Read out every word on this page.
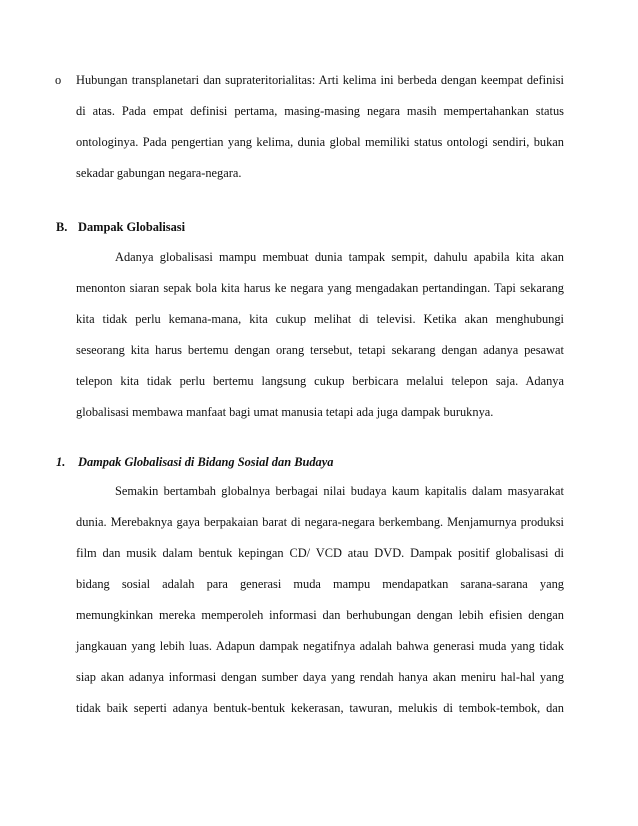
o Hubungan transplanetari dan suprateritorialitas: Arti kelima ini berbeda dengan keempat definisi
di atas. Pada empat definisi pertama, masing-masing negara masih mempertahankan status
ontologinya. Pada pengertian yang kelima, dunia global memiliki status ontologi sendiri, bukan
sekadar gabungan negara-negara.
B. Dampak Globalisasi
Adanya globalisasi mampu membuat dunia tampak sempit, dahulu apabila kita akan
menonton siaran sepak bola kita harus ke negara yang mengadakan pertandingan. Tapi sekarang
kita tidak perlu kemana-mana, kita cukup melihat di televisi. Ketika akan menghubungi
seseorang kita harus bertemu dengan orang tersebut, tetapi sekarang dengan adanya pesawat
telepon kita tidak perlu bertemu langsung cukup berbicara melalui telepon saja. Adanya
globalisasi membawa manfaat bagi umat manusia tetapi ada juga dampak buruknya.
1. Dampak Globalisasi di Bidang Sosial dan Budaya
Semakin bertambah globalnya berbagai nilai budaya kaum kapitalis dalam masyarakat
dunia. Merebaknya gaya berpakaian barat di negara-negara berkembang. Menjamurnya produksi
film dan musik dalam bentuk kepingan CD/ VCD atau DVD. Dampak positif globalisasi di
bidang sosial adalah para generasi muda mampu mendapatkan sarana-sarana yang
memungkinkan mereka memperoleh informasi dan berhubungan dengan lebih efisien dengan
jangkauan yang lebih luas. Adapun dampak negatifnya adalah bahwa generasi muda yang tidak
siap akan adanya informasi dengan sumber daya yang rendah hanya akan meniru hal-hal yang
tidak baik seperti adanya bentuk-bentuk kekerasan, tawuran, melukis di tembok-tembok, dan
